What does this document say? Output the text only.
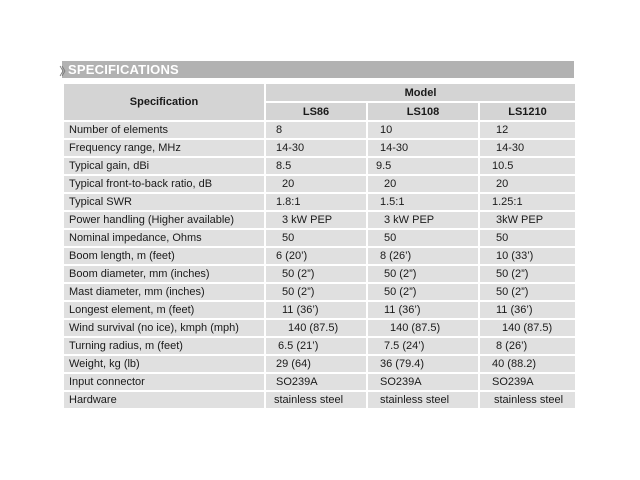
SPECIFICATIONS
Specification	Model		
	LS86	LS108	LS1210
Number of elements	8	10	12
Frequency range, MHz	14-30	14-30	14-30
Typical gain, dBi	8.5	9.5	10.5
Typical front-to-back ratio, dB	20	20	20
Typical SWR	1.8:1	1.5:1	1.25:1
Power handling (Higher available)	3 kW PEP	3 kW PEP	3kW PEP
Nominal impedance, Ohms	50	50	50
Boom length, m (feet)	6 (20’)	8 (26’)	10 (33’)
Boom diameter, mm (inches)	50 (2”)	50 (2”)	50 (2”)
Mast diameter, mm (inches)	50 (2”)	50 (2”)	50 (2”)
Longest element, m (feet)	11 (36’)	11 (36’)	11 (36’)
Wind survival (no ice), kmph (mph)	140 (87.5)	140 (87.5)	140 (87.5)
Turning radius, m (feet)	6.5 (21’)	7.5 (24’)	8 (26’)
Weight, kg (lb)	29 (64)	36 (79.4)	40 (88.2)
Input connector	SO239A	SO239A	SO239A
Hardware	stainless steel	stainless steel	stainless steel
